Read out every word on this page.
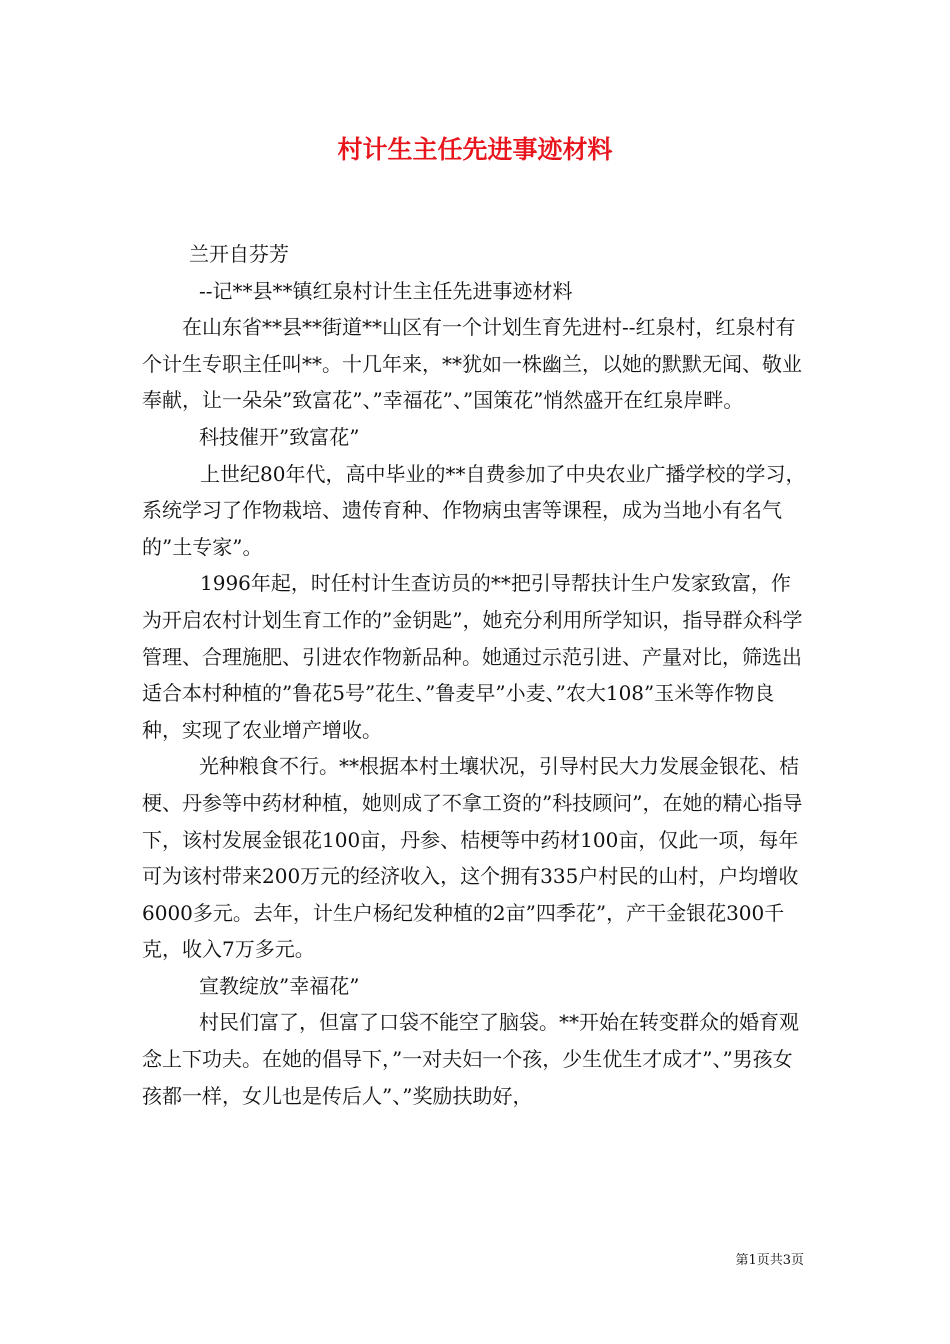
村计生主任先进事迹材料

兰开自芬芳

--记**县**镇红泉村计生主任先进事迹材料

在山东省**县**街道**山区有一个计划生育先进村--红泉村，红泉村有个计生专职主任叫**。十几年来，**犹如一株幽兰，以她的默默无闻、敬业奉献，让一朵朵”致富花”、”幸福花”、”国策花”悄然盛开在红泉岸畔。

科技催开”致富花”

上世纪80年代，高中毕业的**自费参加了中央农业广播学校的学习，系统学习了作物栽培、遗传育种、作物病虫害等课程，成为当地小有名气的”土专家”。

1996年起，时任村计生查访员的**把引导帮扶计生户发家致富，作为开启农村计划生育工作的”金钥匙”，她充分利用所学知识，指导群众科学管理、合理施肥、引进农作物新品种。她通过示范引进、产量对比，筛选出适合本村种植的”鲁花5号”花生、”鲁麦早”小麦、”农大108”玉米等作物良种，实现了农业增产增收。

光种粮食不行。**根据本村土壤状况，引导村民大力发展金银花、桔梗、丹参等中药材种植，她则成了不拿工资的”科技顾问”，在她的精心指导下，该村发展金银花100亩，丹参、桔梗等中药材100亩，仅此一项，每年可为该村带来200万元的经济收入，这个拥有335户村民的山村，户均增收6000多元。去年，计生户杨纪发种植的2亩”四季花”，产干金银花300千克，收入7万多元。

宣教绽放”幸福花”

村民们富了，但富了口袋不能空了脑袋。**开始在转变群众的婚育观念上下功夫。在她的倡导下，”一对夫妇一个孩，少生优生才成才”、”男孩女孩都一样，女儿也是传后人”、”奖励扶助好，

第1页共3页
